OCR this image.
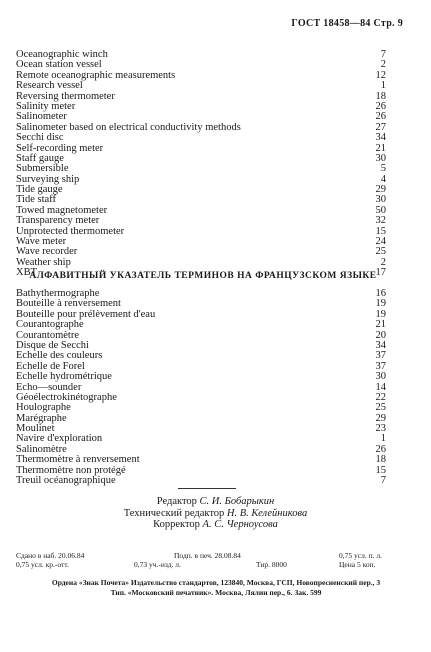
ГОСТ 18458—84 Стр. 9
Oceanographic winch	7
Ocean station vessel	2
Remote oceanographic measurements	12
Research vessel	1
Reversing thermometer	18
Salinity meter	26
Salinometer	26
Salinometer based on electrical conductivity methods	27
Secchi disc	34
Self-recording meter	21
Staff gauge	30
Submersible	5
Surveying ship	4
Tide gauge	29
Tide staff	30
Towed magnetometer	50
Transparency meter	32
Unprotected thermometer	15
Wave meter	24
Wave recorder	25
Weather ship	2
XBT	17
АЛФАВИТНЫЙ УКАЗАТЕЛЬ ТЕРМИНОВ НА ФРАНЦУЗСКОМ ЯЗЫКЕ
Bathythermographe	16
Bouteille à renversement	19
Bouteille pour prélèvement d'eau	19
Courantographe	21
Courantomètre	20
Disque de Secchi	34
Echelle des couleurs	37
Echelle de Forel	37
Echelle hydrométrique	30
Echo—sounder	14
Géoélectrokinétographe	22
Houlographe	25
Marégraphe	29
Moulinet	23
Navire d'exploration	1
Salinomètre	26
Thermomètre à renversement	18
Thermomètre non protégé	15
Treuil océanographique	7
Редактор С. И. Бобарыкин
Технический редактор Н. В. Келейникова
Корректор А. С. Черноусова
Сдано в наб. 20.06.84	Подп. в печ. 28.08.84	0,75 усл. п. л.
0,75 усл. кр.-отт.	0,73 уч.-изд. л.	Тир. 8000	Цена 5 коп.
Ордена «Знак Почета» Издательство стандартов, 123840, Москва, ГСП, Новопресненский пер., 3
Тип. «Московский печатник». Москва, Лялин пер., 6. Зак. 599
